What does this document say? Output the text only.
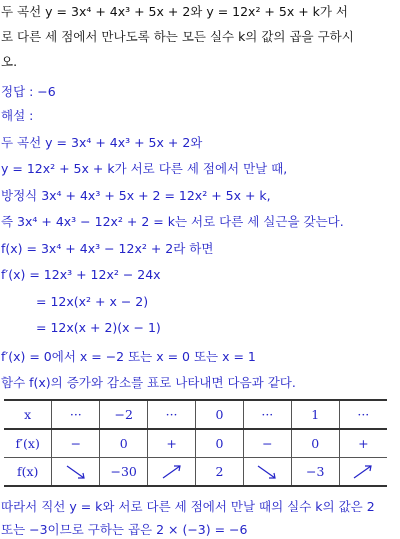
두 곡선 y = 3x⁴ + 4x³ + 5x + 2와 y = 12x² + 5x + k가 서
로 다른 세 점에서 만나도록 하는 모든 실수 k의 값의 곱을 구하시
오.
정답 : −6
해설 :
두 곡선 y = 3x⁴ + 4x³ + 5x + 2와
y = 12x² + 5x + k가 서로 다른 세 점에서 만날 때,
방정식 3x⁴ + 4x³ + 5x + 2 = 12x² + 5x + k,
즉 3x⁴ + 4x³ − 12x² + 2 = k는 서로 다른 세 실근을 갖는다.
f(x) = 3x⁴ + 4x³ − 12x² + 2라 하면
f′(x) = 12x³ + 12x² − 24x
= 12x(x² + x − 2)
= 12x(x + 2)(x − 1)
f′(x) = 0에서 x = −2 또는 x = 0 또는 x = 1
함수 f(x)의 증가와 감소를 표로 나타내면 다음과 같다.
x	···	−2	···	0	···	1	···
f′(x)	−	0	+	0	−	0	+
f(x)		−30		2		−3	
따라서 직선 y = k와 서로 다른 세 점에서 만날 때의 실수 k의 값은 2
또는 −3이므로 구하는 곱은 2 × (−3) = −6
